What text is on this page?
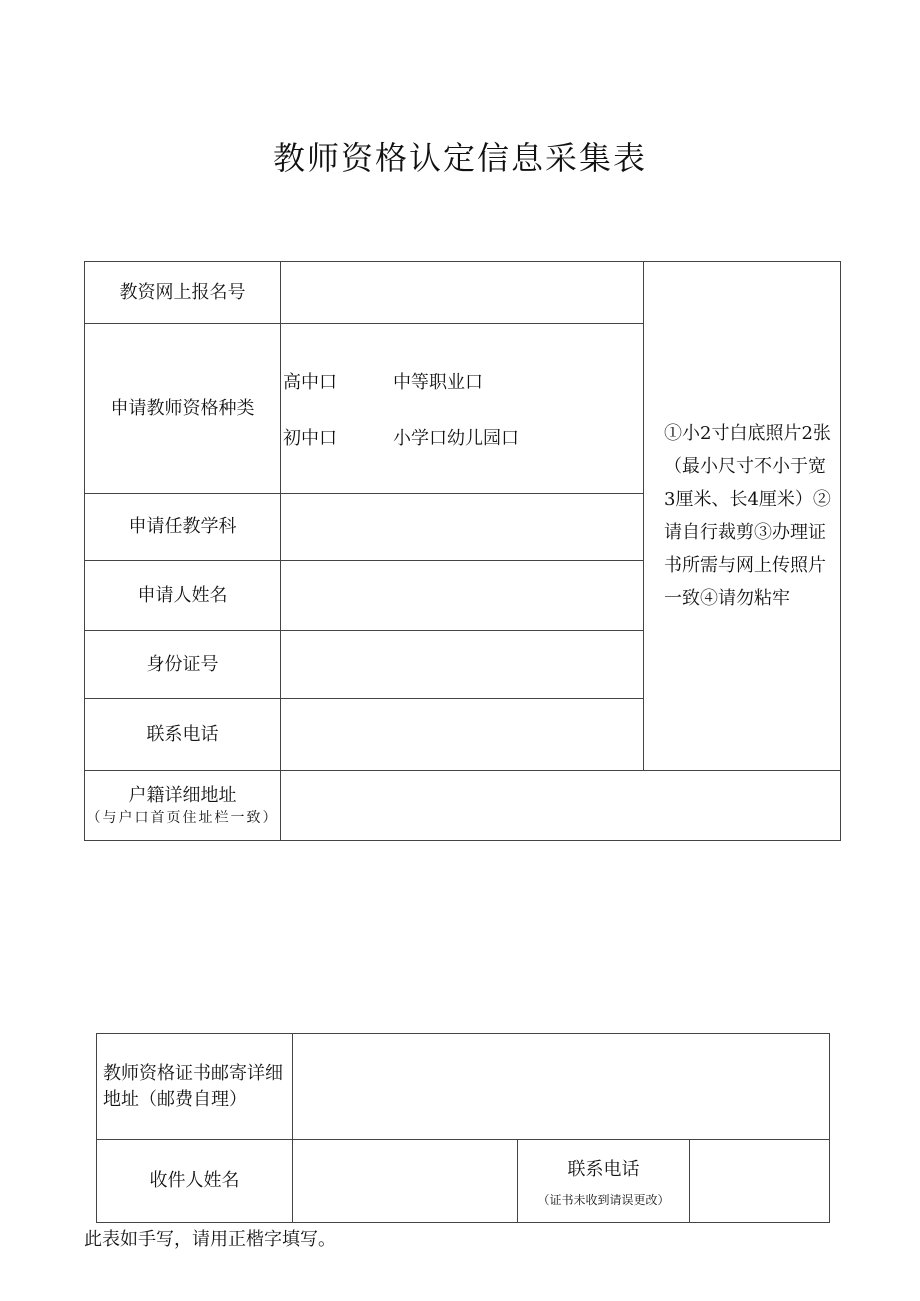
教师资格认定信息采集表
教资网上报名号		①小2寸白底照片2张（最小尺寸不小于宽3厘米、长4厘米）②请自行裁剪③办理证书所需与网上传照片一致④请勿粘牢
申请教师资格种类	高中口 中等职业口
初中口 小学口幼儿园口	

申请任教学科		
申请人姓名		
身份证号		
联系电话		
户籍详细地址
（与户口首页住址栏一致）		

教师资格证书邮寄详细地址（邮费自理）			
收件人姓名		联系电话
（证书未收到请误更改）	

此表如手写，请用正楷字填写。
